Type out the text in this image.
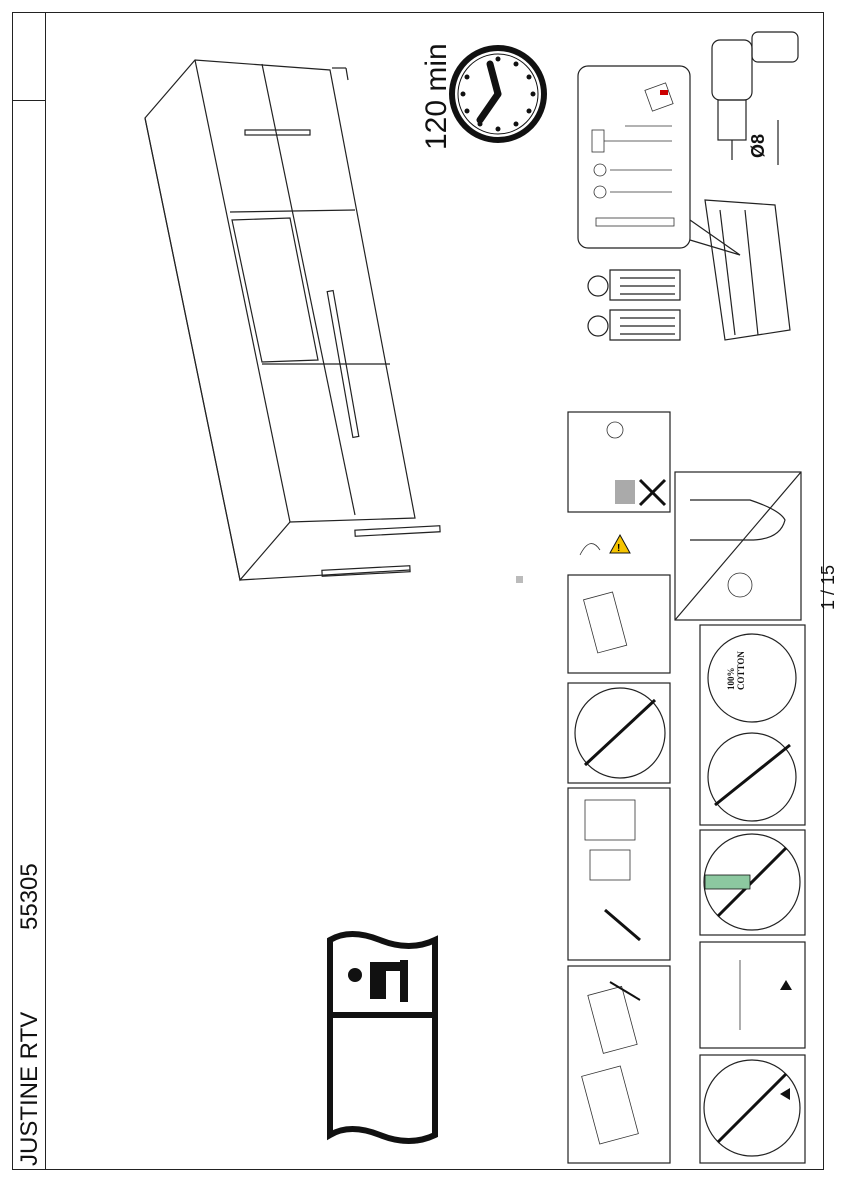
JUSTINE RTV
55305
120 min	Ø8
100% COTTON
1 / 15
!
